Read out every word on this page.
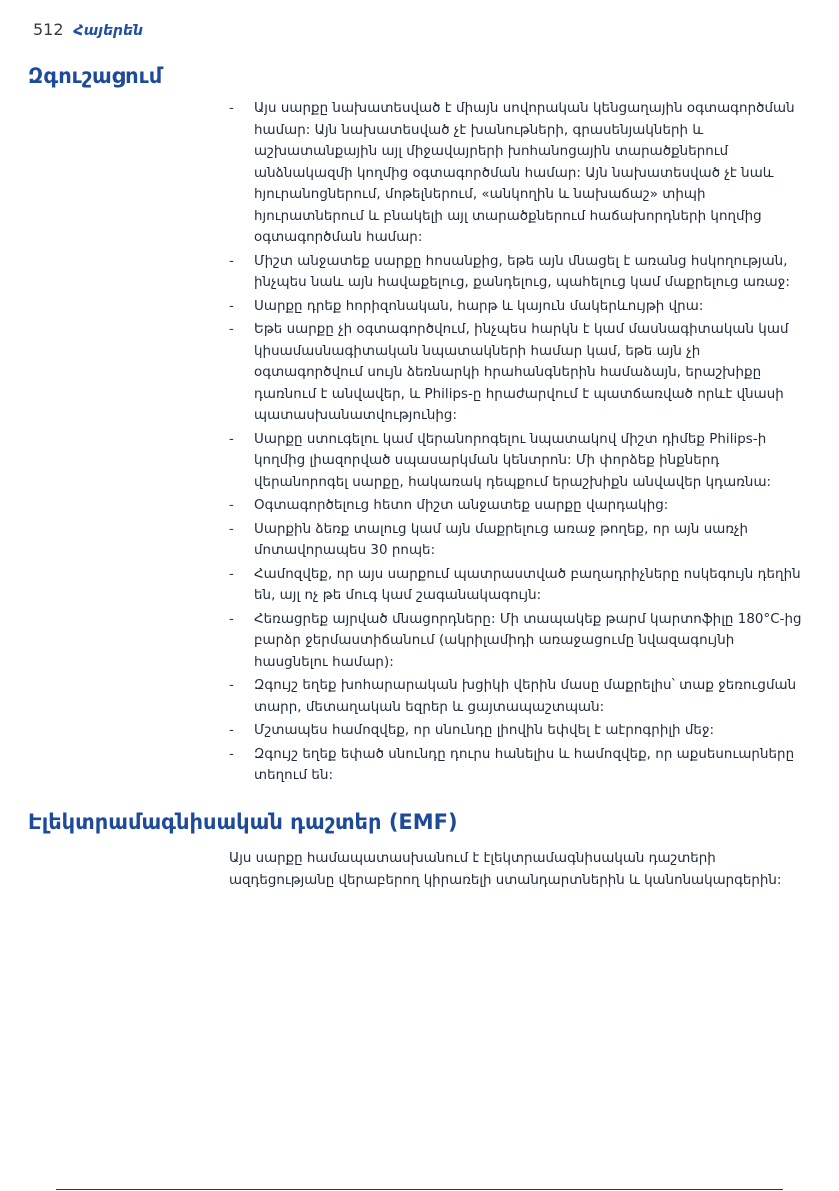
512 Հայերեն
Զգուշացում
-	Այս սարքը նախատեսված է միայն սովորական կենցաղային օգտագործման համար: Այն նախատեսված չէ խանութների, գրասենյակների և աշխատանքային այլ միջավայրերի խոհանոցային տարածքներում անձնակազմի կողմից օգտագործման համար: Այն նախատեսված չէ նաև հյուրանոցներում, մոթելներում, «անկողին և նախաճաշ» տիպի հյուրատներում և բնակելի այլ տարածքներում հաճախորդների կողմից օգտագործման համար:
-	Միշտ անջատեք սարքը հոսանքից, եթե այն մնացել է առանց հսկողության, ինչպես նաև այն հավաքելուց, քանդելուց, պահելուց կամ մաքրելուց առաջ:
-	Սարքը դրեք հորիզոնական, հարթ և կայուն մակերևույթի վրա:
-	Եթե սարքը չի օգտագործվում, ինչպես հարկն է կամ մասնագիտական կամ կիսամասնագիտական նպատակների համար կամ, եթե այն չի օգտագործվում սույն ձեռնարկի հրահանգներին համաձայն, երաշխիքը դառնում է անվավեր, և Philips-ը հրաժարվում է պատճառված որևէ վնասի պատասխանատվությունից:
-	Սարքը ստուգելու կամ վերանորոգելու նպատակով միշտ դիմեք Philips-ի կողմից լիազորված սպասարկման կենտրոն: Մի փորձեք ինքներդ վերանորոգել սարքը, հակառակ դեպքում երաշխիքն անվավեր կդառնա:
-	Օգտագործելուց հետո միշտ անջատեք սարքը վարդակից:
-	Սարքին ձեռք տալուց կամ այն մաքրելուց առաջ թողեք, որ այն սառչի մոտավորապես 30 րոպե:
-	Համոզվեք, որ այս սարքում պատրաստված բաղադրիչները ոսկեգույն դեղին են, այլ ոչ թե մուգ կամ շագանակագույն:
-	Հեռացրեք այրված մնացորդները: Մի տապակեք թարմ կարտոֆիլը 180°C-ից բարձր ջերմաստիճանում (ակրիլամիդի առաջացումը նվազագույնի հասցնելու համար):
-	Զգույշ եղեք խոհարարական խցիկի վերին մասը մաքրելիս՝ տաք ջեռուցման տարր, մետաղական եզրեր և ցայտապաշտպան:
-	Մշտապես համոզվեք, որ սնունդը լիովին եփվել է աէրոգրիլի մեջ:
-	Զգույշ եղեք եփած սնունդը դուրս հանելիս և համոզվեք, որ աքսեսուարները տեղում են:
Էլեկտրամագնիսական դաշտեր (EMF)

Այս սարքը համապատասխանում է էլեկտրամագնիսական դաշտերի ազդեցությանը վերաբերող կիրառելի ստանդարտներին և կանոնակարգերին:
